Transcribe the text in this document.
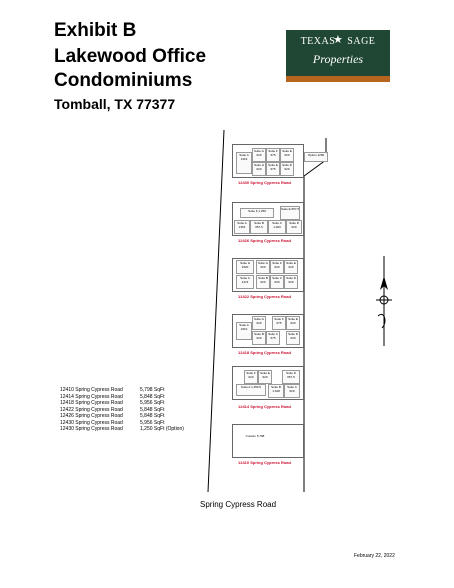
Exhibit B
Lakewood Office
Condominiums
Tomball, TX 77377
★
TEXAS SAGE
Properties
Suite A 1319
Suite G 620
Suite H 620
Suite F 675
Suite E 675
Suite E 620
Suite D 620
Option 1250
12430 Spring Cypress Road
Suite F 1,250	Suite E 657.5
Suite A 1352
Suite B 657.5
Suite C 1,000
Suite D 620
12426 Spring Cypress Road
Suite H 1520
Suite G 620
Suite F 620
Suite E 620
Suite A 1473
Suite B 620
Suite C 620
Suite D 620
12422 Spring Cypress Road
Suite G 620
Suite F 675
Suite E 620
Suite A 1610
Suite B 620
Suite C 675
Suite D 620
12418 Spring Cypress Road
Suite F 620
Suite E 620
Suite D 657.5
Suite A 1,350.5	Suite B 1,648
Suite C 620
12414 Spring Cypress Road
Custom 5,798
12410 Spring Cypress Road
12410 Spring Cypress Road	5,798 SqFt
12414 Spring Cypress Road	5,848 SqFt
12418 Spring Cypress Road	5,956 SqFt
12422 Spring Cypress Road	5,848 SqFt
12426 Spring Cypress Road	5,848 SqFt
12430 Spring Cypress Road	5,956 SqFt
12430 Spring Cypress Road	1,250 SqFt (Option)
Spring Cypress Road
February 22, 2022
